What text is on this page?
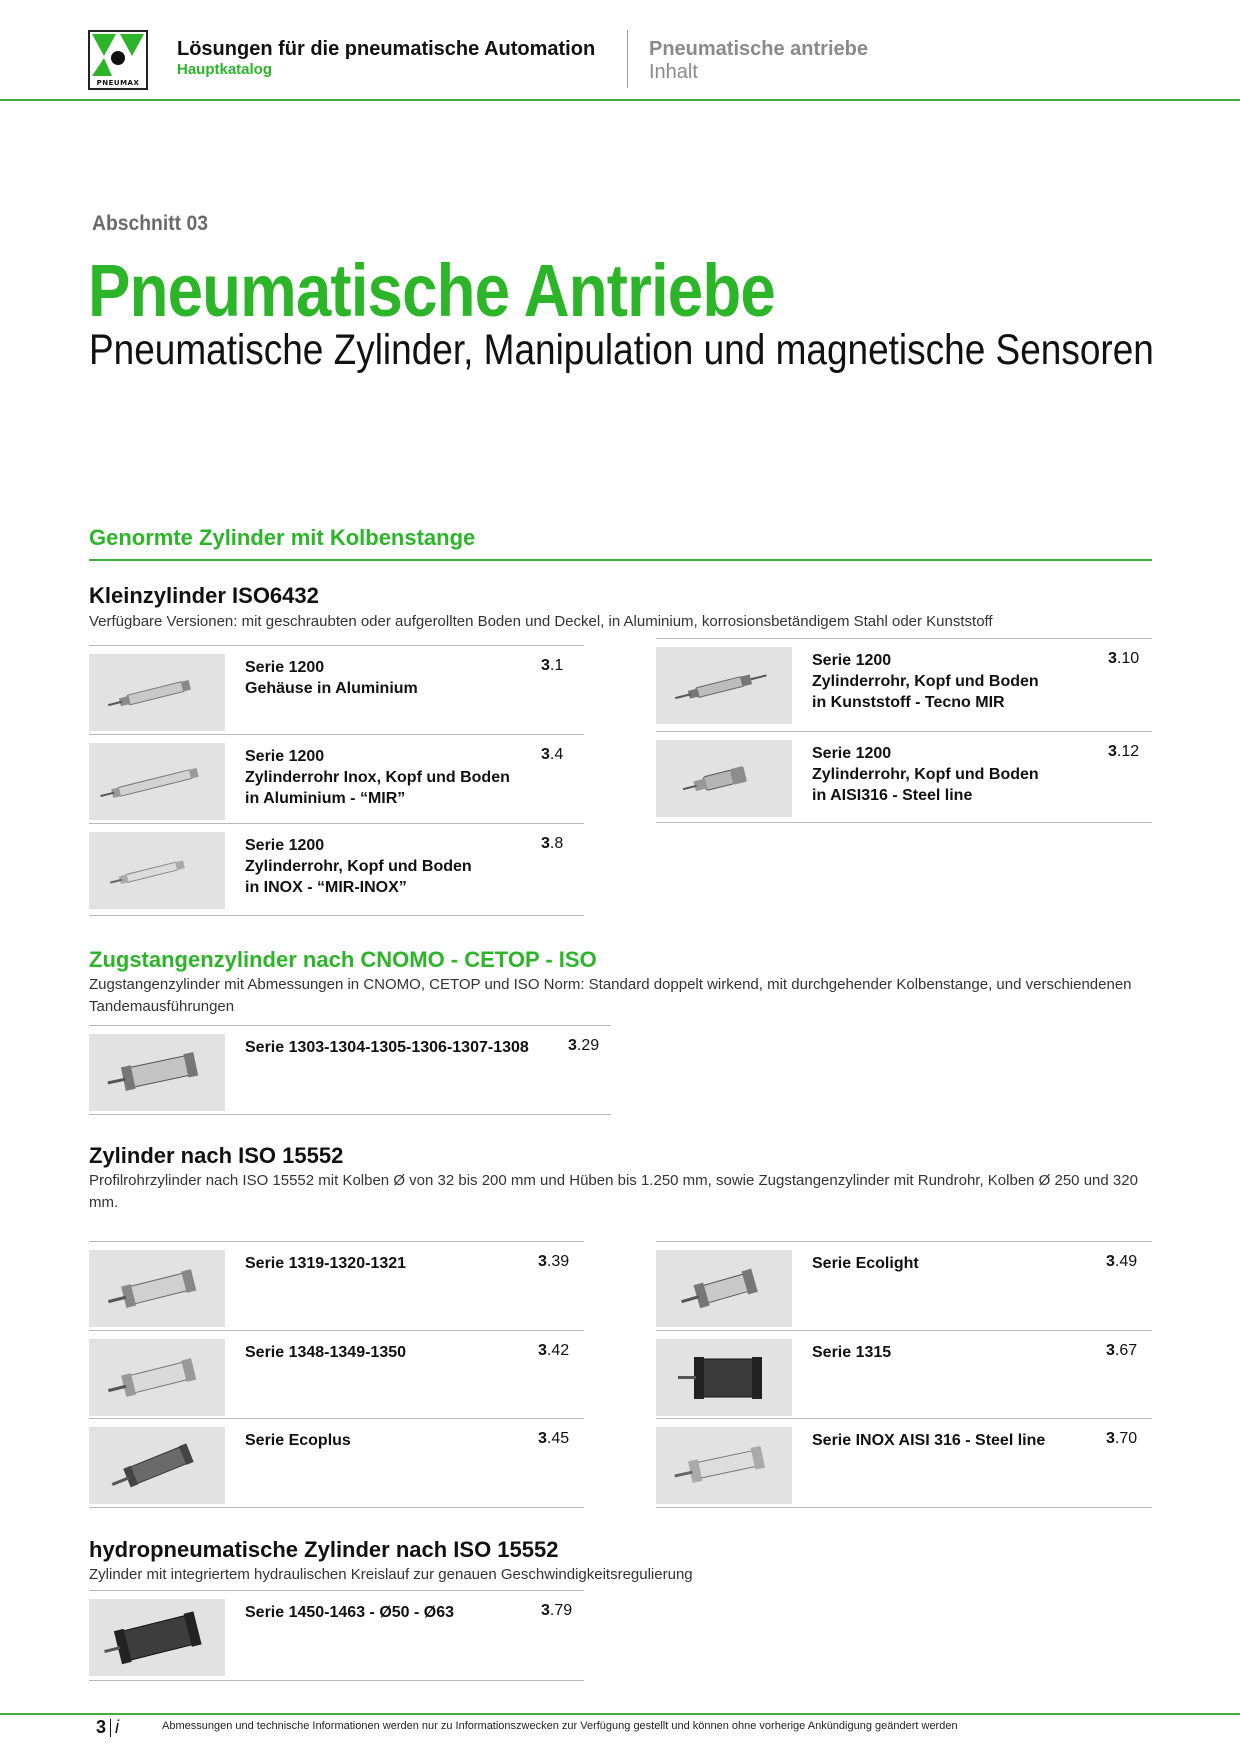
PNEUMAX
Lösungen für die pneumatische Automation
Hauptkatalog
Pneumatische antriebe
Inhalt
Abschnitt 03
Pneumatische Antriebe
Pneumatische Zylinder, Manipulation und magnetische Sensoren
Genormte Zylinder mit Kolbenstange
Kleinzylinder ISO6432
Verfügbare Versionen: mit geschraubten oder aufgerollten Boden und Deckel, in Aluminium, korrosionsbetändigem Stahl oder Kunststoff
Serie 1200
Gehäuse in Aluminium
3.1
Serie 1200
Zylinderrohr Inox, Kopf und Boden
in Aluminium - “MIR”
3.4
Serie 1200
Zylinderrohr, Kopf und Boden
in INOX - “MIR-INOX”
3.8
Serie 1200
Zylinderrohr, Kopf und Boden
in Kunststoff - Tecno MIR
3.10
Serie 1200
Zylinderrohr, Kopf und Boden
in AISI316 - Steel line
3.12
Zugstangenzylinder nach CNOMO - CETOP - ISO
Zugstangenzylinder mit Abmessungen in CNOMO, CETOP und ISO Norm: Standard doppelt wirkend, mit durchgehender Kolbenstange, und verschiendenen Tandemausführungen
Serie 1303-1304-1305-1306-1307-1308 3.29
Zylinder nach ISO 15552
Profilrohrzylinder nach ISO 15552 mit Kolben Ø von 32 bis 200 mm und Hüben bis 1.250 mm, sowie Zugstangenzylinder mit Rundrohr, Kolben Ø 250 und 320 mm.
Serie 1319-1320-1321	3.39
Serie 1348-1349-1350	3.42
Serie Ecoplus	3.45
Serie Ecolight	3.49
Serie 1315	3.67
Serie INOX AISI 316 - Steel line	3.70
hydropneumatische Zylinder nach ISO 15552
Zylinder mit integriertem hydraulischen Kreislauf zur genauen Geschwindigkeitsregulierung
Serie 1450-1463 - Ø50 - Ø63	3.79
3 i	Abmessungen und technische Informationen werden nur zu Informationszwecken zur Verfügung gestellt und können ohne vorherige Ankündigung geändert werden
